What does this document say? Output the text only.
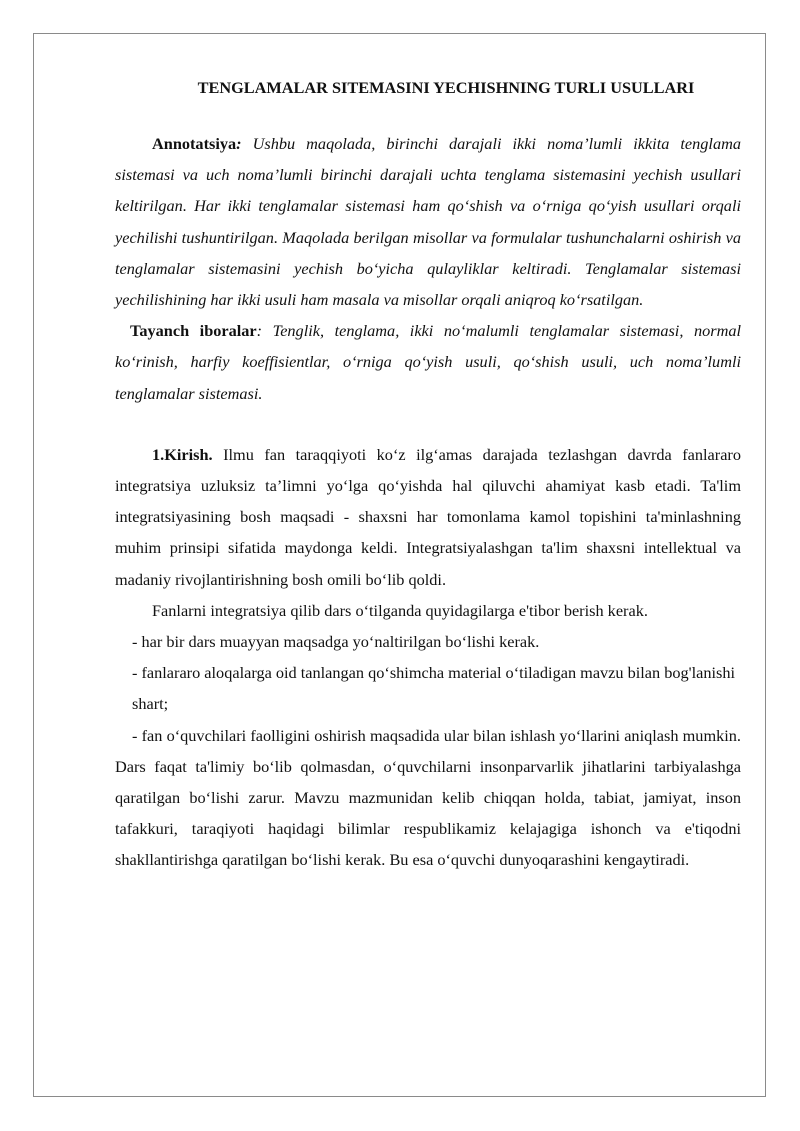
TENGLAMALAR SITEMASINI YECHISHNING TURLI USULLARI

Annotatsiya: Ushbu maqolada, birinchi darajali ikki noma’lumli ikkita tenglama sistemasi va uch noma’lumli birinchi darajali uchta tenglama sistemasini yechish usullari keltirilgan. Har ikki tenglamalar sistemasi ham qo‘shish va o‘rniga qo‘yish usullari orqali yechilishi tushuntirilgan. Maqolada berilgan misollar va formulalar tushunchalarni oshirish va tenglamalar sistemasini yechish bo‘yicha qulayliklar keltiradi. Tenglamalar sistemasi yechilishining har ikki usuli ham masala va misollar orqali aniqroq ko‘rsatilgan.

Tayanch iboralar: Tenglik, tenglama, ikki no‘malumli tenglamalar sistemasi, normal ko‘rinish, harfiy koeffisientlar, o‘rniga qo‘yish usuli, qo‘shish usuli, uch noma’lumli tenglamalar sistemasi.

1.Kirish. Ilmu fan taraqqiyoti ko‘z ilg‘amas darajada tezlashgan davrda fanlararo integratsiya uzluksiz ta’limni yo‘lga qo‘yishda hal qiluvchi ahamiyat kasb etadi. Ta'lim integratsiyasining bosh maqsadi - shaxsni har tomonlama kamol topishini ta'minlashning muhim prinsipi sifatida maydonga keldi. Integratsiyalashgan ta'lim shaxsni intellektual va madaniy rivojlantirishning bosh omili bo‘lib qoldi.

Fanlarni integratsiya qilib dars o‘tilganda quyidagilarga e'tibor berish kerak.

- har bir dars muayyan maqsadga yo‘naltirilgan bo‘lishi kerak.

- fanlararo aloqalarga oid tanlangan qo‘shimcha material o‘tiladigan mavzu bilan bog'lanishi shart;

- fan o‘quvchilari faolligini oshirish maqsadida ular bilan ishlash yo‘llarini aniqlash mumkin. Dars faqat ta'limiy bo‘lib qolmasdan, o‘quvchilarni insonparvarlik jihatlarini tarbiyalashga qaratilgan bo‘lishi zarur. Mavzu mazmunidan kelib chiqqan holda, tabiat, jamiyat, inson tafakkuri, taraqiyoti haqidagi bilimlar respublikamiz kelajagiga ishonch va e'tiqodni shakllantirishga qaratilgan bo‘lishi kerak. Bu esa o‘quvchi dunyoqarashini kengaytiradi.
